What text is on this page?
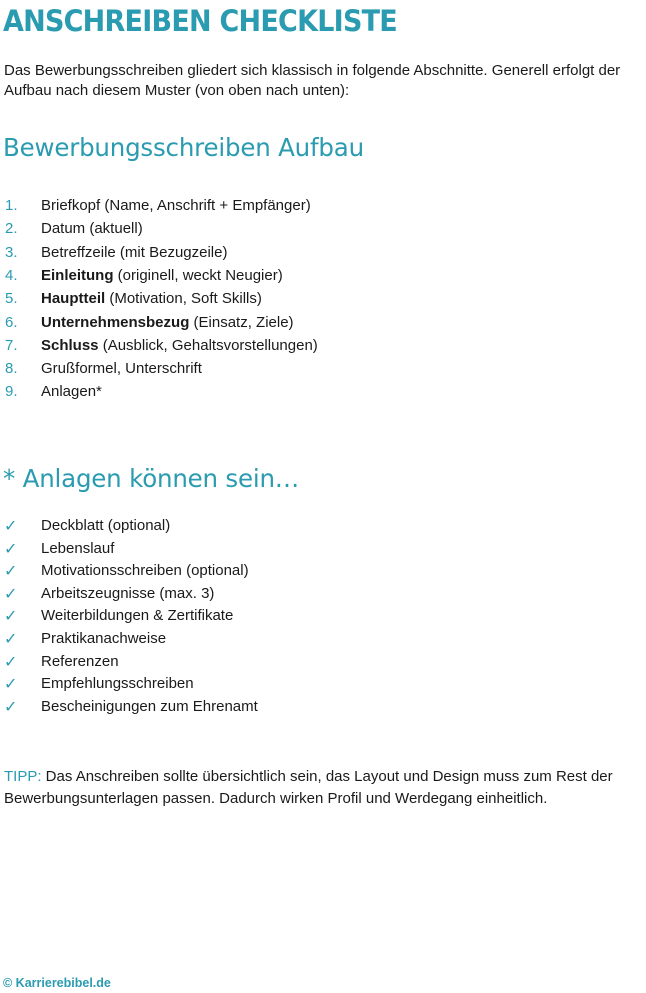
ANSCHREIBEN CHECKLISTE

Das Bewerbungsschreiben gliedert sich klassisch in folgende Abschnitte. Generell erfolgt der Aufbau nach diesem Muster (von oben nach unten):

Bewerbungsschreiben Aufbau
1. Briefkopf (Name, Anschrift + Empfänger)
2. Datum (aktuell)
3. Betreffzeile (mit Bezugzeile)
4. Einleitung (originell, weckt Neugier)
5. Hauptteil (Motivation, Soft Skills)
6. Unternehmensbezug (Einsatz, Ziele)
7. Schluss (Ausblick, Gehaltsvorstellungen)
8. Grußformel, Unterschrift
9. Anlagen*
* Anlagen können sein…
✓ Deckblatt (optional)
✓ Lebenslauf
✓ Motivationsschreiben (optional)
✓ Arbeitszeugnisse (max. 3)
✓ Weiterbildungen & Zertifikate
✓ Praktikanachweise
✓ Referenzen
✓ Empfehlungsschreiben
✓ Bescheinigungen zum Ehrenamt

TIPP: Das Anschreiben sollte übersichtlich sein, das Layout und Design muss zum Rest der Bewerbungsunterlagen passen. Dadurch wirken Profil und Werdegang einheitlich.

© Karrierebibel.de
